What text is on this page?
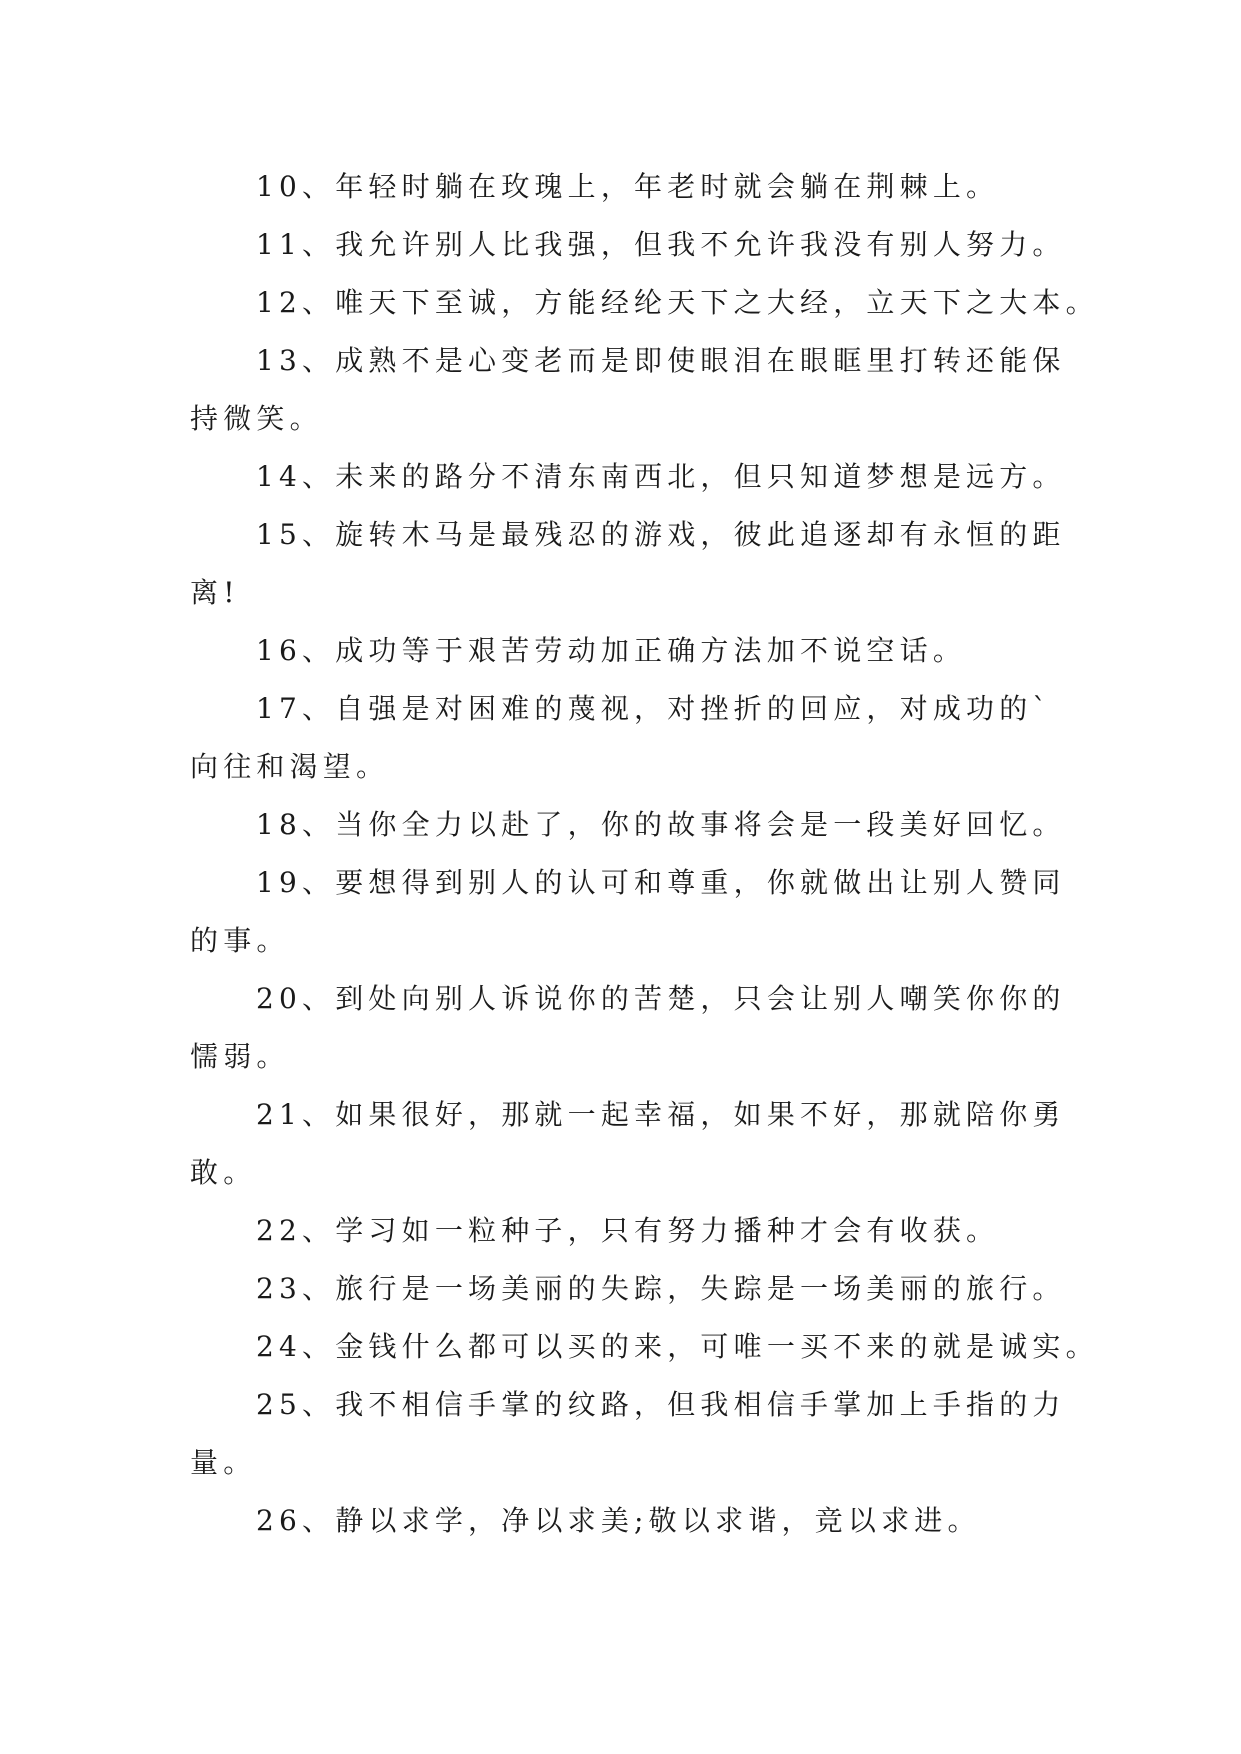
10、年轻时躺在玫瑰上，年老时就会躺在荆棘上。
11、我允许别人比我强，但我不允许我没有别人努力。
12、唯天下至诚，方能经纶天下之大经，立天下之大本。
13、成熟不是心变老而是即使眼泪在眼眶里打转还能保
持微笑。
14、未来的路分不清东南西北，但只知道梦想是远方。
15、旋转木马是最残忍的游戏，彼此追逐却有永恒的距
离!
16、成功等于艰苦劳动加正确方法加不说空话。
17、自强是对困难的蔑视，对挫折的回应，对成功的`
向往和渴望。
18、当你全力以赴了，你的故事将会是一段美好回忆。
19、要想得到别人的认可和尊重，你就做出让别人赞同
的事。
20、到处向别人诉说你的苦楚，只会让别人嘲笑你你的
懦弱。
21、如果很好，那就一起幸福，如果不好，那就陪你勇
敢。
22、学习如一粒种子，只有努力播种才会有收获。
23、旅行是一场美丽的失踪，失踪是一场美丽的旅行。
24、金钱什么都可以买的来，可唯一买不来的就是诚实。
25、我不相信手掌的纹路，但我相信手掌加上手指的力
量。
26、静以求学，净以求美;敬以求谐，竞以求进。
